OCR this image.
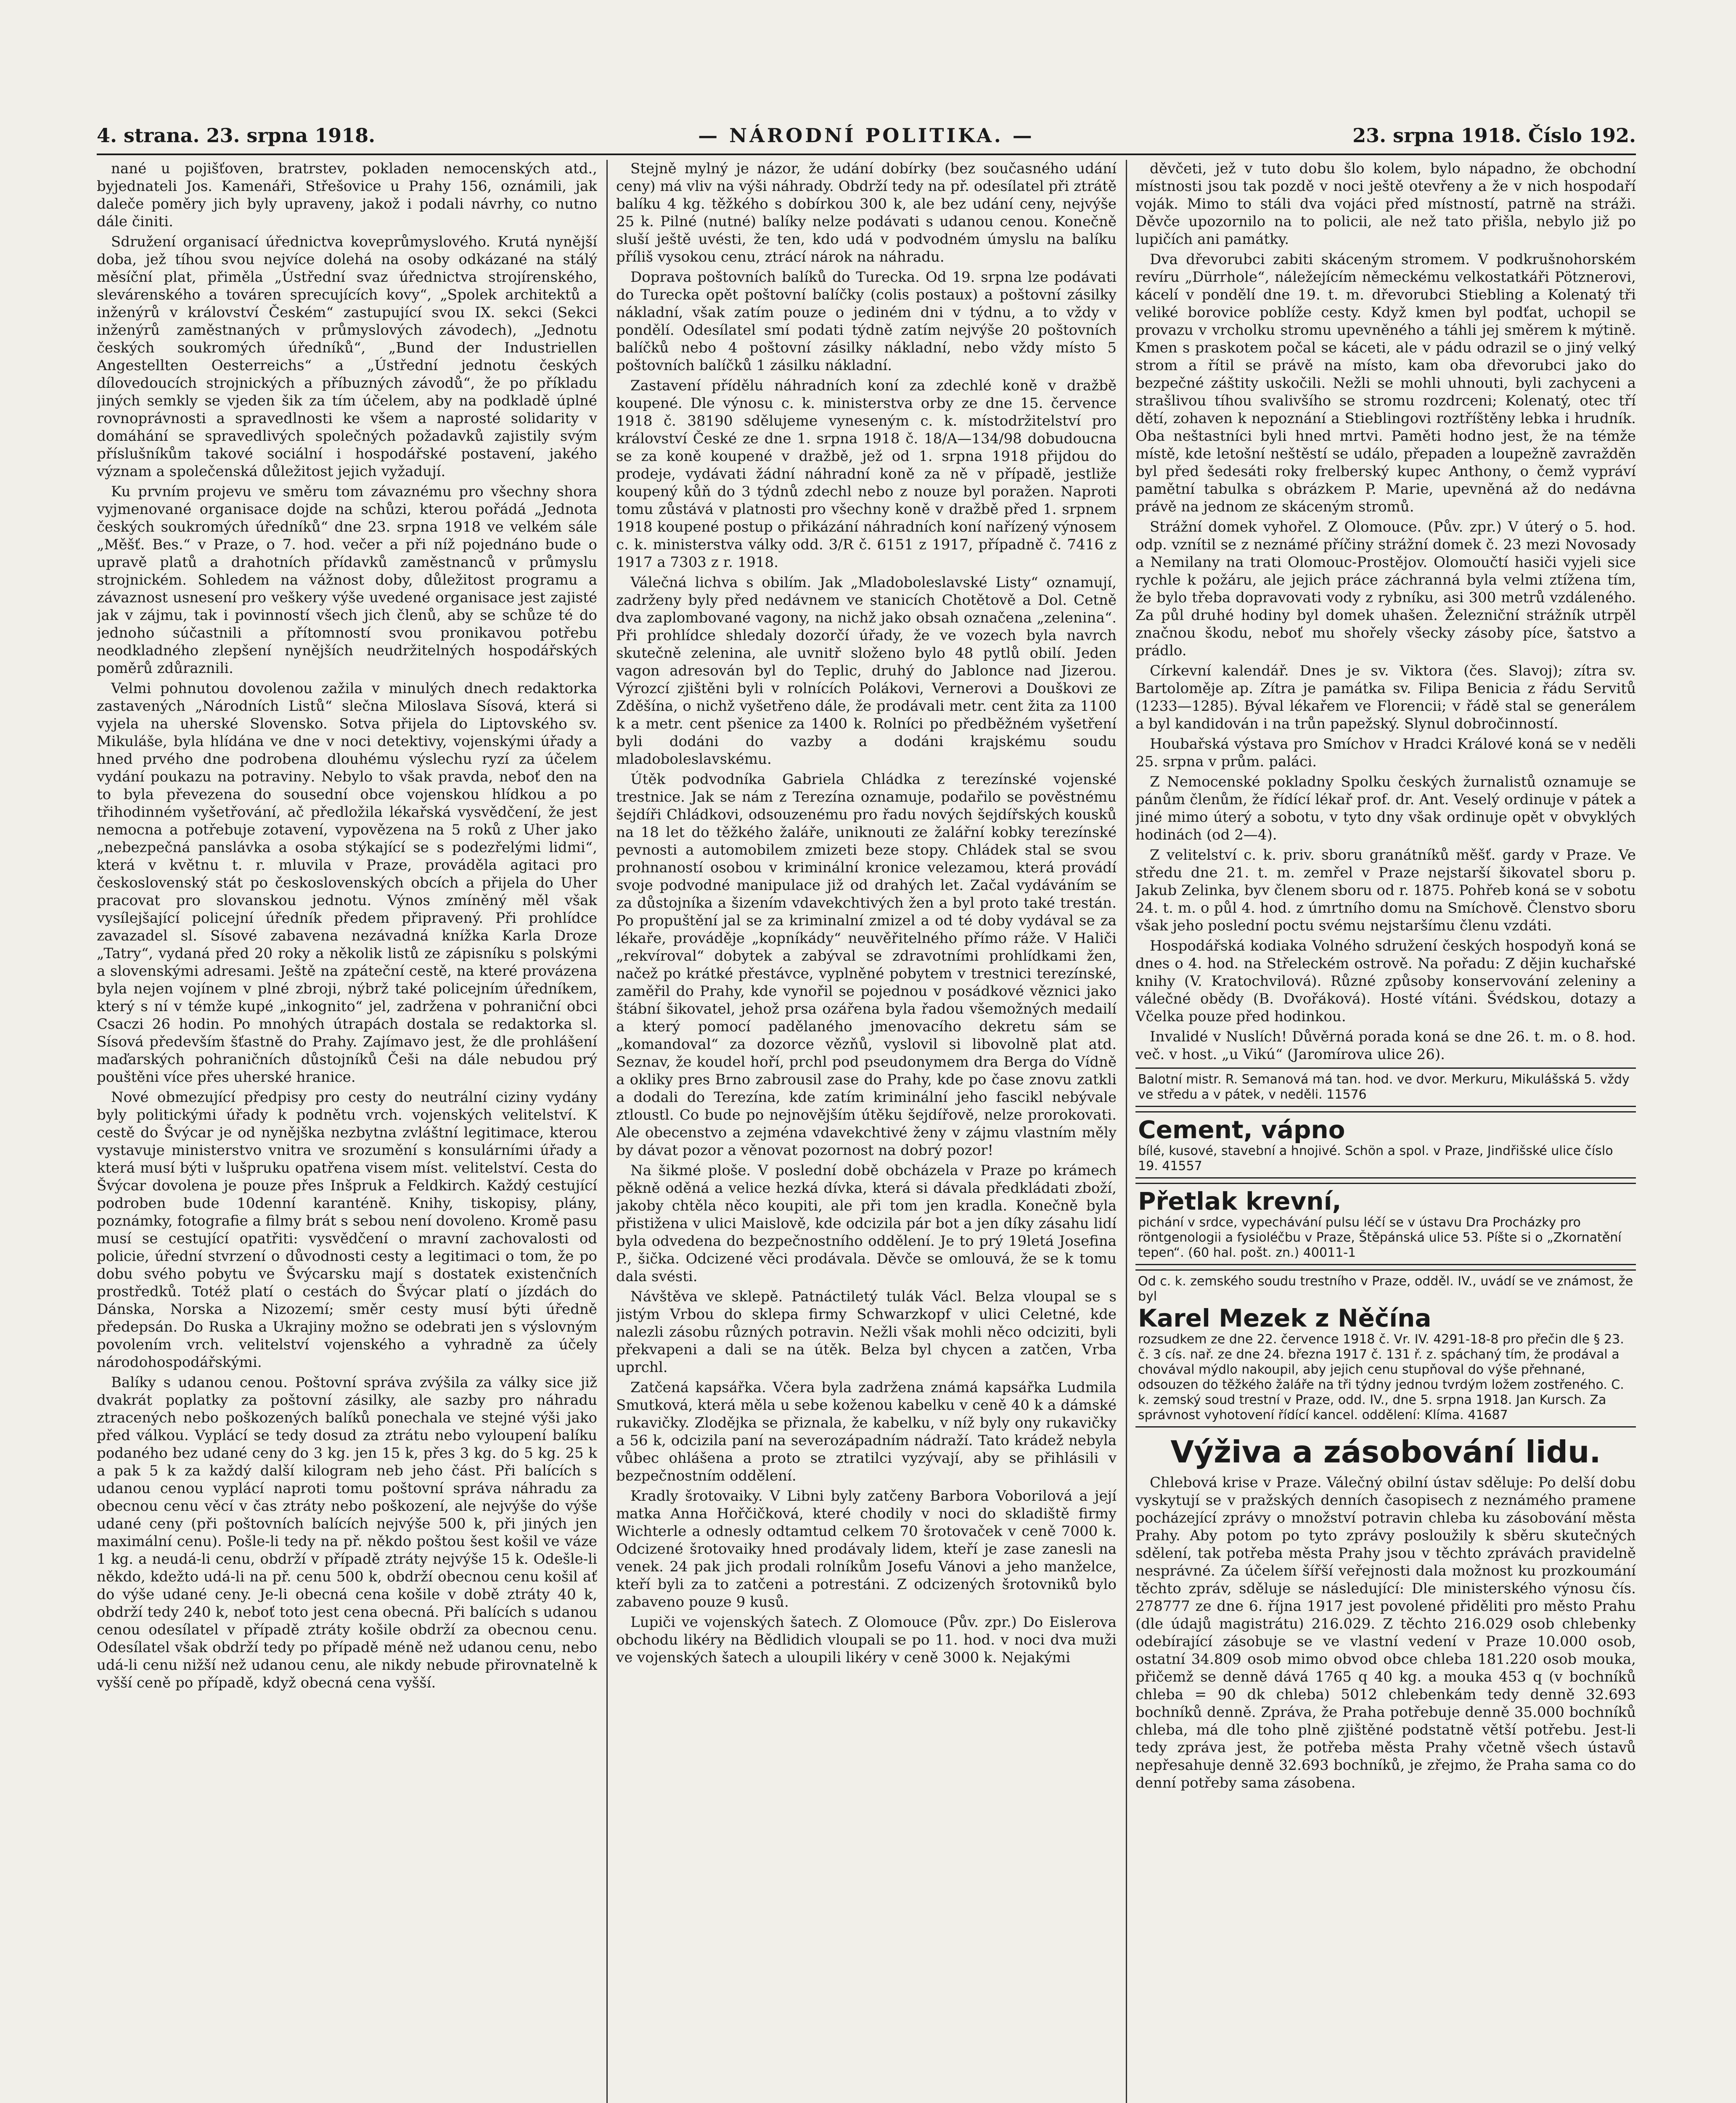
4. strana. 23. srpna 1918.	— NÁRODNÍ POLITIKA. —	23. srpna 1918. Číslo 192.

nané u pojišťoven, bratrstev, pokladen nemocenských atd., byjednateli Jos. Kamenáři, Střešovice u Prahy 156, oznámili, jak daleče poměry jich byly upraveny, jakož i podali návrhy, co nutno dále činiti.

Sdružení organisací úřednictva koveprůmyslového. Krutá nynější doba, jež tíhou svou nejvíce dolehá na osoby odkázané na stálý měsíční plat, přiměla „Ústřední svaz úřednictva strojírenského, slevárenského a továren sprecujících kovy“, „Spolek architektů a inženýrů v království Českém“ zastupující svou IX. sekci (Sekci inženýrů zaměstnaných v průmyslových závodech), „Jednotu českých soukromých úředníků“, „Bund der Industriellen Angestellten Oesterreichs“ a „Ústřední jednotu českých dílovedoucích strojnických a příbuzných závodů“, že po příkladu jiných semkly se vjeden šik za tím účelem, aby na podkladě úplné rovnoprávnosti a spravedlnosti ke všem a naprosté solidarity v domáhání se spravedlivých společných požadavků zajistily svým příslušníkům takové sociální i hospodářské postavení, jakého význam a společenská důležitost jejich vyžadují.

Ku prvním projevu ve směru tom závaznému pro všechny shora vyjmenované organisace dojde na schůzi, kterou pořádá „Jednota českých soukromých úředníků“ dne 23. srpna 1918 ve velkém sále „Měšť. Bes.“ v Praze, o 7. hod. večer a při níž pojednáno bude o upravě platů a drahotních přídavků zaměstnanců v průmyslu strojnickém. Sohledem na vážnost doby, důležitost programu a závaznost usnesení pro veškery výše uvedené organisace jest zajisté jak v zájmu, tak i povinností všech jich členů, aby se schůze té do jednoho súčastnili a přítomností svou pronikavou potřebu neodkladného zlepšení nynějších neudržitelných hospodářských poměrů zdůraznili.

Velmi pohnutou dovolenou zažila v minulých dnech redaktorka zastavených „Národních Listů“ slečna Miloslava Sísová, která si vyjela na uherské Slovensko. Sotva přijela do Liptovského sv. Mikuláše, byla hlídána ve dne v noci detektivy, vojenskými úřady a hned prvého dne podrobena dlouhému výslechu ryzí za účelem vydání poukazu na potravinу. Nebylo to však pravda, neboť den na to byla převezena do sousední obce vojenskou hlídkou a po třihodinném vyšetřování, ač předložila lékařská vysvědčení, že jest nemocna a potřebuje zotavení, vypovězena na 5 roků z Uher jako „nebezpečná panslávka a osoba stýkající se s podezřelými lidmi“, která v květnu t. r. mluvila v Praze, prováděla agitaci pro československý stát po československých obcích a přijela do Uher pracovat pro slovanskou jednotu. Výnos zmíněný měl však vysílejšající policejní úředník předem připravený. Při prohlídce zavazadel sl. Sísové zabavena nezávadná knížka Karla Droze „Tatry“, vydaná před 20 roky a několik listů ze zápisníku s polskými a slovenskými adresami. Ještě na zpáteční cestě, na které provázena byla nejen vojínem v plné zbroji, nýbrž také policejním úředníkem, který s ní v témže kupé „inkognito“ jel, zadržena v pohraniční obci Csaczi 26 hodin. Po mnohých útrapách dostala se redaktorka sl. Sísová především šťastně do Prahy. Zajímavo jest, že dle prohlášení maďarských pohraničních důstojníků Češi na dále nebudou prý pouštěni více přes uherské hranice.

Nové obmezující předpisy pro cesty do neutrální ciziny vydány byly politickými úřady k podnětu vrch. vojenských velitelství. K cestě do Švýcar je od nynějška nezbytna zvláštní legitimace, kterou vystavuje ministerstvo vnitra ve srozumění s konsulárními úřady a která musí býti v lušpruku opatřena visem míst. velitelství. Cesta do Švýcar dovolena je pouze přes Inšpruk a Feldkirch. Každý cestující podroben bude 10denní karanténě. Knihy, tiskopisy, plány, poznámky, fotografie a filmy brát s sebou není dovoleno. Kromě pasu musí se cestující opatřiti: vysvědčení o mravní zachovalosti od policie, úřední stvrzení o důvodnosti cesty a legitimaci o tom, že po dobu svého pobytu ve Švýcarsku mají s dostatek existenčních prostředků. Totéž platí o cestách do Švýcar platí o jízdách do Dánska, Norska a Nizozemí; směr cesty musí býti úředně předepsán. Do Ruska a Ukrajiny možno se odebrati jen s výslovným povolením vrch. velitelství vojenského a vyhradně za účely národohospodářskými.

Balíky s udanou cenou. Poštovní správa zvýšila za války sice již dvakrát poplatky za poštovní zásilky, ale sazby pro náhradu ztracených nebo poškozených balíků ponechala ve stejné výši jako před válkou. Vyplácí se tedy dosud za ztrátu nebo vyloupení balíku podaného bez udané ceny do 3 kg. jen 15 k, přes 3 kg. do 5 kg. 25 k a pak 5 k za každý další kilogram neb jeho část. Při balících s udanou cenou vyplácí naproti tomu poštovní správa náhradu za obecnou cenu věcí v čas ztráty nebo poškození, ale nejvýše do výše udané ceny (při poštovních balících nejvýše 500 k, při jiných jen maximální cenu). Pošle-li tedy na př. někdo poštou šest košil ve váze 1 kg. a neudá-li cenu, obdrží v případě ztráty nejvýše 15 k. Odešle-li někdo, kdežto udá-li na př. cenu 500 k, obdrží obecnou cenu košil ať do výše udané ceny. Je-li obecná cena košile v době ztráty 40 k, obdrží tedy 240 k, neboť toto jest cena obecná. Při balících s udanou cenou odesílatel v případě ztráty košile obdrží za obecnou cenu. Odesílatel však obdrží tedy po případě méně než udanou cenu, nebo udá-li cenu nižší než udanou cenu, ale nikdy nebude přirovnatelně k vyšší ceně po případě, když obecná cena vyšší.

Stejně mylný je názor, že udání dobírky (bez současného udání ceny) má vliv na výši náhrady. Obdrží tedy na př. odesílatel při ztrátě balíku 4 kg. těžkého s dobírkou 300 k, ale bez udání ceny, nejvýše 25 k. Pilné (nutné) balíky nelze podávati s udanou cenou. Konečně sluší ještě uvésti, že ten, kdo udá v podvodném úmyslu na balíku příliš vysokou cenu, ztrácí nárok na náhradu.

Doprava poštovních balíků do Turecka. Od 19. srpna lze podávati do Turecka opět poštovní balíčky (colis postaux) a poštovní zásilky nákladní, však zatím pouze o jediném dni v týdnu, a to vždy v pondělí. Odesílatel smí podati týdně zatím nejvýše 20 poštovních balíčků nebo 4 poštovní zásilky nákladní, nebo vždy místo 5 poštovních balíčků 1 zásilku nákladní.

Zastavení přídělu náhradních koní za zdechlé koně v dražbě koupené. Dle výnosu c. k. ministerstva orby ze dne 15. července 1918 č. 38190 sdělujeme vyneseným c. k. místodržitelství pro království České ze dne 1. srpna 1918 č. 18/A—134/98 dobudoucna se za koně koupené v dražbě, jež od 1. srpna 1918 přijdou do prodeje, vydávati žádní náhradní koně za ně v případě, jestliže koupený kůň do 3 týdnů zdechl nebo z nouze byl poražen. Naproti tomu zůstává v platnosti pro všechny koně v dražbě před 1. srpnem 1918 koupené postup o přikázání náhradních koní nařízený výnosem c. k. ministerstva války odd. 3/R č. 6151 z 1917, případně č. 7416 z 1917 a 7303 z r. 1918.

Válečná lichva s obilím. Jak „Mladoboleslavské Listy“ oznamují, zadrženy byly před nedávnem ve stanicích Chotětově a Dol. Cetně dva zaplombované vagony, na nichž jako obsah označena „zelenina“. Při prohlídce shledaly dozorčí úřady, že ve vozech byla navrch skutečně zelenina, ale uvnitř složeno bylo 48 pytlů obilí. Jeden vagon adresován byl do Teplic, druhý do Jablonce nad Jizerou. Výrozcí zjištěni byli v rolnících Polákovi, Vernerovi a Douškovi ze Zděšína, o nichž vyšetřeno dále, že prodávali metr. cent žita za 1100 k a metr. cent pšenice za 1400 k. Rolníci po předběžném vyšetření byli dodáni do vazby a dodáni krajskému soudu mladoboleslavskému.

Útěk podvodníka Gabriela Chládka z terezínské vojenské trestnice. Jak se nám z Terezína oznamuje, podařilo se pověstnému šejdíři Chládkovi, odsouzenému pro řadu nových šejdířských kousků na 18 let do těžkého žaláře, uniknouti ze žalářní kobky terezínské pevnosti a automobilem zmizeti beze stopy. Chládek stal se svou prohnaností osobou v kriminální kronice velezamou, která provádí svoje podvodné manipulace již od drahých let. Začal vydáváním se za důstojníka a šizením vdavekchtivých žen a byl proto také trestán. Po propuštění jal se za kriminalní zmizel a od té doby vydával se za lékaře, prováděje „kopníkády“ neuvěřitelného přímo ráže. V Haliči „rekvíroval“ dobytek a zabýval se zdravotními prohlídkami žen, načež po krátké přestávce, vyplněné pobytem v trestnici terezínské, zaměřil do Prahy, kde vynořil se pojednou v posádkové věznici jako štábní šikovatel, jehož prsa ozářena byla řadou všemožných medailí a který pomocí padělaného jmenovacího dekretu sám se „komandoval“ za dozorce vězňů, vyslovil si libovolně plat atd. Seznav, že koudel hoří, prchl pod pseudonymem dra Berga do Vídně a okliky pres Brno zabrousil zase do Prahy, kde po čase znovu zatkli a dodali do Terezína, kde zatím kriminální jeho fascikl nebývale ztloustl. Co bude po nejnovějším útěku šejdířově, nelze prorokovati. Ale obecenstvo a zejména vdavekchtivé ženy v zájmu vlastním měly by dávat pozor a věnovat pozornost na dobrý pozor!

Na šikmé ploše. V poslední době obcházela v Praze po krámech pěkně oděná a velice hezká dívka, která si dávala předkládati zboží, jakoby chtěla něco koupiti, ale při tom jen kradla. Konečně byla přistižena v ulici Maislově, kde odcizila pár bot a jen díky zásahu lidí byla odvedena do bezpečnostního oddělení. Je to prý 19letá Josefina P., šička. Odcizené věci prodávala. Děvče se omlouvá, že se k tomu dala svésti.

Návštěva ve sklepě. Patnáctiletý tulák Václ. Belza vloupal se s jistým Vrbou do sklepa firmy Schwarzkopf v ulici Celetné, kde nalezli zásobu různých potravin. Nežli však mohli něco odciziti, byli překvapeni a dali se na útěk. Belza byl chycen a zatčen, Vrba uprchl.

Zatčená kapsářka. Včera byla zadržena známá kapsářka Ludmila Smutková, která měla u sebe koženou kabelku v ceně 40 k a dámské rukavičky. Zlodějka se přiznala, že kabelku, v níž byly ony rukavičky a 56 k, odcizila paní na severozápadním nádraží. Tato krádež nebyla vůbec ohlášena a proto se ztratilci vyzývají, aby se přihlásili v bezpečnostním oddělení.

Kradly šrotovaiky. V Libni byly zatčeny Barbora Voborilová a její matka Anna Hořčičková, které chodily v noci do skladiště firmy Wichterle a odnesly odtamtud celkem 70 šrotovaček v ceně 7000 k. Odcizené šrotovaiky hned prodávaly lidem, kteří je zase zanesli na venek. 24 pak jich prodali rolníkům Josefu Vánovi a jeho manželce, kteří byli za to zatčeni a potrestáni. Z odcizených šrotovniků bylo zabaveno pouze 9 kusů.

Lupiči ve vojenských šatech. Z Olomouce (Pův. zpr.) Do Eislerova obchodu likéry na Bědlidich vloupali se po 11. hod. v noci dva muži ve vojenských šatech a uloupili likéry v ceně 3000 k. Nejakými

děvčeti, jež v tuto dobu šlo kolem, bylo nápadno, že obchodní místnosti jsou tak pozdě v noci ještě otevřeny a že v nich hospodaří voják. Mimo to stáli dva vojáci před místností, patrně na stráži. Děvče upozornilo na to policii, ale než tato přišla, nebylo již po lupičích ani památky.

Dva dřevorubci zabiti skáceným stromem. V podkrušnohorském revíru „Dürrhole“, náležejícím německému velkostatkáři Pötznerovi, kácelí v pondělí dne 19. t. m. dřevorubci Stiebling a Kolenatý tři veliké borovice poblíže cesty. Když kmen byl podťat, uchopil se provazu v vrcholku stromu upevněného a táhli jej směrem k mýtině. Kmen s praskotem počal se káceti, ale v pádu odrazil se o jiný velký strom a řítil se právě na místo, kam oba dřevorubci jako do bezpečné záštity uskočili. Nežli se mohli uhnouti, byli zachyceni a strašlivou tíhou svalivšího se stromu rozdrceni; Kolenatý, otec tří dětí, zohaven k nepoznání a Stieblingovi roztříštěny lebka i hrudník. Oba neštastníci byli hned mrtvi. Paměti hodno jest, že na témže místě, kde letošní neštěstí se událo, přepaden a loupežně zavražděn byl před šedesáti roky frelberský kupec Anthony, o čemž vypráví pamětní tabulka s obrázkem P. Marie, upevněná až do nedávna právě na jednom ze skáceným stromů.

Strážní domek vyhořel. Z Olomouce. (Pův. zpr.) V úterý o 5. hod. odp. vznítil se z neznámé příčiny strážní domek č. 23 mezi Novosady a Nemilany na trati Olomouc-Prostějov. Olomoučtí hasiči vyjeli sice rychle k požáru, ale jejich práce záchranná byla velmi ztížena tím, že bylo třeba dopravovati vody z rybníku, asi 300 metrů vzdáleného. Za půl druhé hodiny byl domek uhašen. Železniční strážník utrpěl značnou škodu, neboť mu shořely všecky zásoby píce, šatstvo a prádlo.

Církevní kalendář. Dnes je sv. Viktora (čes. Slavoj); zítra sv. Bartoloměje ap. Zítra je památka sv. Filipa Benicia z řádu Servitů (1233—1285). Býval lékařem ve Florencii; v řádě stal se generálem a byl kandidován i na trůn papežský. Slynul dobročinností.

Houbařská výstava pro Smíchov v Hradci Králové koná se v neděli 25. srpna v prům. paláci.

Z Nemocenské pokladny Spolku českých žurnalistů oznamuje se pánům členům, že řídící lékař prof. dr. Ant. Veselý ordinuje v pátek a jiné mimo úterý a sobotu, v tyto dny však ordinuje opět v obvyklých hodinách (od 2—4).

Z velitelství c. k. priv. sboru granátníků měšť. gardy v Praze. Ve středu dne 21. t. m. zemřel v Praze nejstarší šikovatel sboru p. Jakub Zelinka, byv členem sboru od r. 1875. Pohřeb koná se v sobotu 24. t. m. o půl 4. hod. z úmrtního domu na Smíchově. Členstvo sboru však jeho poslední poctu svému nejstaršímu členu vzdáti.

Hospodářská kodiaka Volného sdružení českých hospodyň koná se dnes o 4. hod. na Střeleckém ostrově. Na pořadu: Z dějin kuchařské knihy (V. Kratochvilová). Různé způsoby konservování zeleniny a válečné obědy (B. Dvořáková). Hosté vítáni. Švédskou, dotazy a Včelka pouze před hodinkou.

Invalidé v Nuslích! Důvěrná porada koná se dne 26. t. m. o 8. hod. več. v host. „u Vikú“ (Jaromírova ulice 26).

Balotní mistr. R. Semanová má tan. hod. ve dvor. Merkuru, Mikulášská 5. vždy ve středu a v pátek, v neděli. 11576
Cement, vápno
bílé, kusové, stavební a hnojivé. Schön a spol. v Praze, Jindřišské ulice číslo 19. 41557
Přetlak krevní,
pichání v srdce, vypechávání pulsu léčí se v ústavu Dra Procházky pro röntgenologii a fysioléčbu v Praze, Štěpánská ulice 53. Píšte si o „Zkornatění tepen“. (60 hal. pošt. zn.) 40011-1
Od c. k. zemského soudu trestního v Praze, odděl. IV., uvádí se ve známost, že byl
Karel Mezek z Něčína
rozsudkem ze dne 22. července 1918 č. Vr. IV. 4291-18-8 pro přečin dle § 23. č. 3 cís. nař. ze dne 24. března 1917 č. 131 ř. z. spáchaný tím, že prodával a chovával mýdlo nakoupil, aby jejich cenu stupňoval do výše přehnané, odsouzen do těžkého žaláře na tři týdny jednou tvrdým ložem zostřeného. C. k. zemský soud trestní v Praze, odd. IV., dne 5. srpna 1918. Jan Kursch. Za správnost vyhotovení řídící kancel. oddělení: Klíma. 41687
Výživa a zásobování lidu.

Chlebová krise v Praze. Válečný obilní ústav sděluje: Po delší dobu vyskytují se v pražských denních časopisech z neznámého pramene pocházející zprávy o množství potravin chleba ku zásobování města Prahy. Aby potom po tyto zprávy posloužily k sběru skutečných sdělení, tak potřeba města Prahy jsou v těchto zprávách pravidelně nesprávné. Za účelem šířší veřejnosti dala možnost ku prozkoumání těchto zpráv, sděluje se následující: Dle ministerského výnosu čís. 278777 ze dne 6. října 1917 jest povolené přiděliti pro město Prahu (dle údajů magistrátu) 216.029. Z těchto 216.029 osob chlebenky odebírající zásobuje se ve vlastní vedení v Praze 10.000 osob, ostatní 34.809 osob mimo obvod obce chleba 181.220 osob mouka, přičemž se denně dává 1765 q 40 kg. a mouka 453 q (v bochníků chleba = 90 dk chleba) 5012 chlebenkám tedy denně 32.693 bochníků denně. Zpráva, že Praha potřebuje denně 35.000 bochníků chleba, má dle toho plně zjištěné podstatně větší potřebu. Jest-li tedy zpráva jest, že potřeba města Prahy včetně všech ústavů nepřesahuje denně 32.693 bochníků, je zřejmo, že Praha sama co do denní potřeby sama zásobena.
